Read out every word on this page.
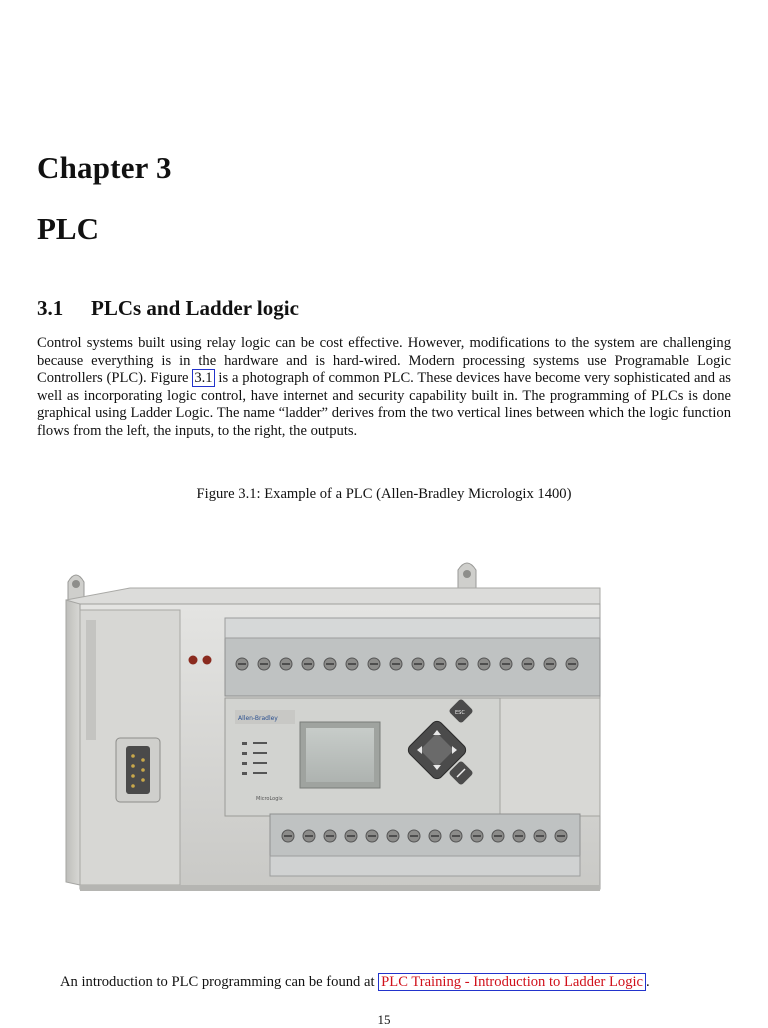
Chapter 3
PLC
3.1 PLCs and Ladder logic
Control systems built using relay logic can be cost effective. However, modifications to the system are challenging because everything is in the hardware and is hard-wired. Modern processing systems use Programable Logic Controllers (PLC). Figure 3.1 is a photograph of common PLC. These devices have become very sophisticated and as well as incorporating logic control, have internet and security capability built in. The programming of PLCs is done graphical using Ladder Logic. The name “ladder” derives from the two vertical lines between which the logic function flows from the left, the inputs, to the right, the outputs.
Figure 3.1: Example of a PLC (Allen-Bradley Micrologix 1400)
Allen-Bradley
MicroLogix
ESC
An introduction to PLC programming can be found at PLC Training - Introduction to Ladder Logic .
15
